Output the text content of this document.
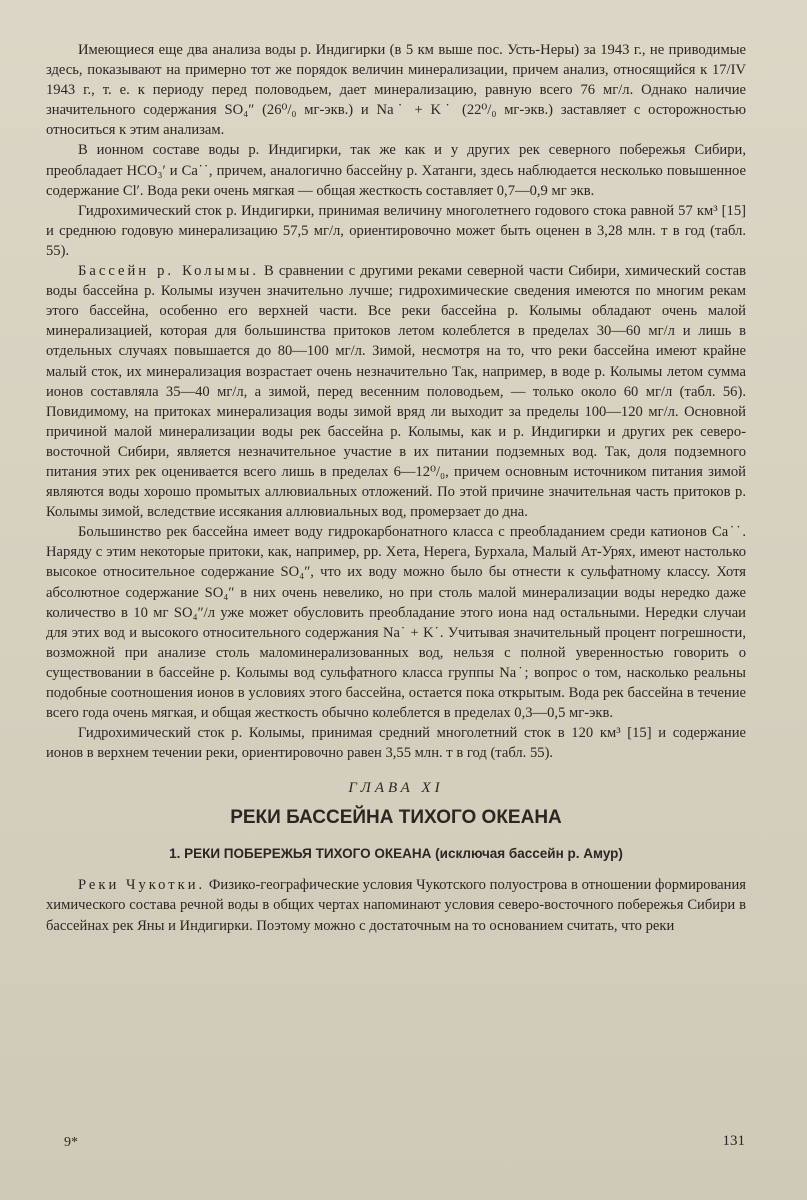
Имеющиеся еще два анализа воды р. Индигирки (в 5 км выше пос. Усть-Неры) за 1943 г., не приводимые здесь, показывают на примерно тот же порядок величин минерализации, причем анализ, относящийся к 17/IV 1943 г., т. е. к периоду перед половодьем, дает минерализацию, равную всего 76 мг/л. Однако наличие значительного содержания SO₄″ (26⁰/₀ мг-экв.) и Na˙ + K˙ (22⁰/₀ мг-экв.) заставляет с осторожностью относиться к этим анализам.

В ионном составе воды р. Индигирки, так же как и у других рек северного побережья Сибири, преобладает HCO₃′ и Ca˙˙, причем, аналогично бассейну р. Хатанги, здесь наблюдается несколько повышенное содержание Cl′. Вода реки очень мягкая — общая жесткость составляет 0,7—0,9 мг экв.

Гидрохимический сток р. Индигирки, принимая величину многолетнего годового стока равной 57 км³ [15] и среднюю годовую минерализацию 57,5 мг/л, ориентировочно может быть оценен в 3,28 млн. т в год (табл. 55).

Бассейн р. Колымы. В сравнении с другими реками северной части Сибири, химический состав воды бассейна р. Колымы изучен значительно лучше; гидрохимические сведения имеются по многим рекам этого бассейна, особенно его верхней части. Все реки бассейна р. Колымы обладают очень малой минерализацией, которая для большинства притоков летом колеблется в пределах 30—60 мг/л и лишь в отдельных случаях повышается до 80—100 мг/л. Зимой, несмотря на то, что реки бассейна имеют крайне малый сток, их минерализация возрастает очень незначительно Так, например, в воде р. Колымы летом сумма ионов составляла 35—40 мг/л, а зимой, перед весенним половодьем, — только около 60 мг/л (табл. 56). Повидимому, на притоках минерализация воды зимой вряд ли выходит за пределы 100—120 мг/л. Основной причиной малой минерализации воды рек бассейна р. Колымы, как и р. Индигирки и других рек северо-восточной Сибири, является незначительное участие в их питании подземных вод. Так, доля подземного питания этих рек оценивается всего лишь в пределах 6—12⁰/₀, причем основным источником питания зимой являются воды хорошо промытых аллювиальных отложений. По этой причине значительная часть притоков р. Колымы зимой, вследствие иссякания аллювиальных вод, промерзает до дна.

Большинство рек бассейна имеет воду гидрокарбонатного класса с преобладанием среди катионов Ca˙˙. Наряду с этим некоторые притоки, как, например, рр. Хета, Нерега, Бурхала, Малый Ат-Урях, имеют настолько высокое относительное содержание SO₄″, что их воду можно было бы отнести к сульфатному классу. Хотя абсолютное содержание SO₄″ в них очень невелико, но при столь малой минерализации воды нередко даже количество в 10 мг SO₄″/л уже может обусловить преобладание этого иона над остальными. Нередки случаи для этих вод и высокого относительного содержания Na˙ + K˙. Учитывая значительный процент погрешности, возможной при анализе столь маломинерализованных вод, нельзя с полной уверенностью говорить о существовании в бассейне р. Колымы вод сульфатного класса группы Na˙; вопрос о том, насколько реальны подобные соотношения ионов в условиях этого бассейна, остается пока открытым. Вода рек бассейна в течение всего года очень мягкая, и общая жесткость обычно колеблется в пределах 0,3—0,5 мг-экв.

Гидрохимический сток р. Колымы, принимая средний многолетний сток в 120 км³ [15] и содержание ионов в верхнем течении реки, ориентировочно равен 3,55 млн. т в год (табл. 55).

ГЛАВА XI
РЕКИ БАССЕЙНА ТИХОГО ОКЕАНА
1. РЕКИ ПОБЕРЕЖЬЯ ТИХОГО ОКЕАНА (исключая бассейн р. Амур)

Реки Чукотки. Физико-географические условия Чукотского полуострова в отношении формирования химического состава речной воды в общих чертах напоминают условия северо-восточного побережья Сибири в бассейнах рек Яны и Индигирки. Поэтому можно с достаточным на то основанием считать, что реки

9*	131
